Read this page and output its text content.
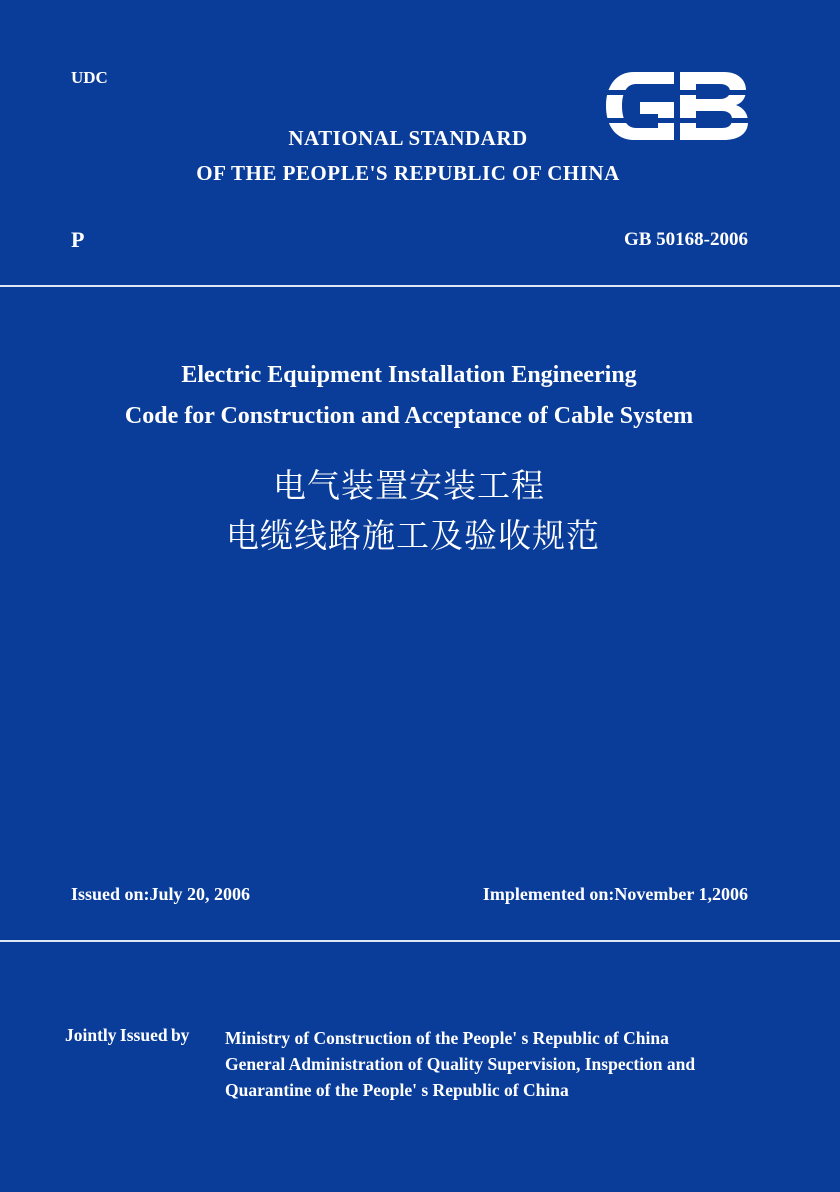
UDC
NATIONAL STANDARD
OF THE PEOPLE'S REPUBLIC OF CHINA
P	GB 50168-2006
Electric Equipment Installation Engineering
Code for Construction and Acceptance of Cable System
电气装置安装工程
电缆线路施工及验收规范
Issued on:July 20, 2006	Implemented on:November 1,2006
Jointly Issued by Ministry of Construction of the People' s Republic of China
General Administration of Quality Supervision, Inspection and
Quarantine of the People' s Republic of China
